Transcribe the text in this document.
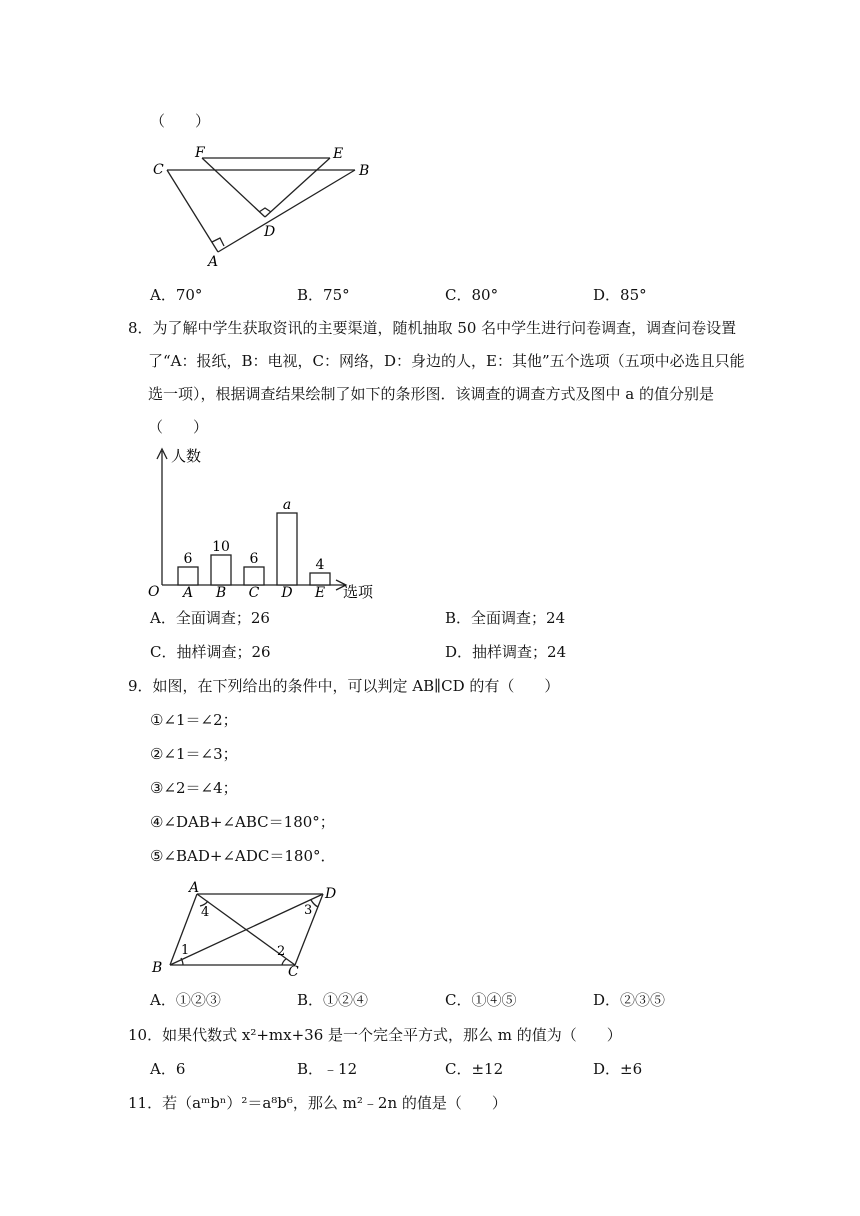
（　　）
C
F	E
B
D
A
A．70°	B．75°	C．80°	D．85°
8．为了解中学生获取资讯的主要渠道，随机抽取 50 名中学生进行问卷调查，调查问卷设置了“A：报纸，B：电视，C：网络，D：身边的人，E：其他”五个选项（五项中必选且只能选一项），根据调查结果绘制了如下的条形图．该调查的调查方式及图中 a 的值分别是（　　）
人数
选项
O
6
A
10
B
6
C
a
D
4
E
A．全面调查；26	B．全面调查；24
C．抽样调查；26	D．抽样调查；24
9．如图，在下列给出的条件中，可以判定 AB∥CD 的有（　　）
①∠1＝∠2；
②∠1＝∠3；
③∠2＝∠4；
④∠DAB+∠ABC＝180°；
⑤∠BAD+∠ADC＝180°．
A	D
B	C
1	2
3
4
A．①②③	B．①②④	C．①④⑤	D．②③⑤
10．如果代数式 x²+mx+36 是一个完全平方式，那么 m 的值为（　　）
A．6	B．﹣12	C．±12	D．±6
11．若（aᵐbⁿ）²＝a⁸b⁶，那么 m²﹣2n 的值是（　　）
